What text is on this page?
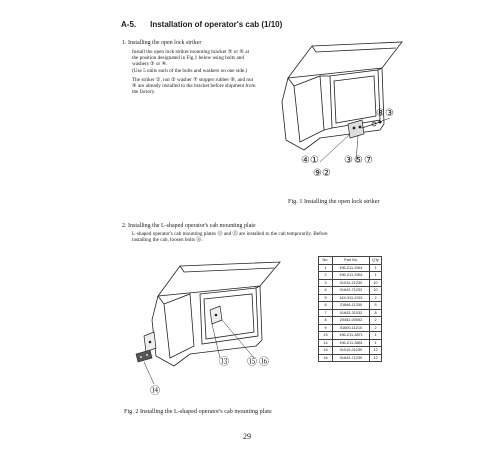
A-5. Installation of operator's cab (1/10)
1. Installing the open lock striker
Install the open lock striker mounting bracket ⑤ or ⑥ at
the position designated in Fig.1 below using bolts and
washers ③ or ④.
(Use 5 units each of the bolts and washers on one side.)
The striker ①, nut ② washer ⑦ stopper rubber ⑧, and nut
⑨ are already installed to the bracket before shipment from
the factory.
⑧③
④①	③⑤⑦
⑨②
Fig. 1 Installing the open lock striker
2. Installing the L-shaped operator's cab mounting plate
L-shaped operator's cab mounting plates ⑬ and ⑮ are installed to the cab temporarily. Before
installing the cab, loosen bolts ⑯.
No.	Part No.	Q'ty
1	196-Z11-3341	1
2	196-Z11-3351	1
3	01010-21230	10
4	01643-71232	10
5	14X-911-1921	2
6	21846-11330	5
7	01643-31032	8
8	20452-00062	2
9	01600-11210	2
13	196-Z11-3871	1
14	196-Z11-3881	1
15	01010-01230	12
16	01643-71230	12
⑬ ⑮⑯
⑭
Fig. 2 Installing the L-shaped operator's cab mounting plate
29
